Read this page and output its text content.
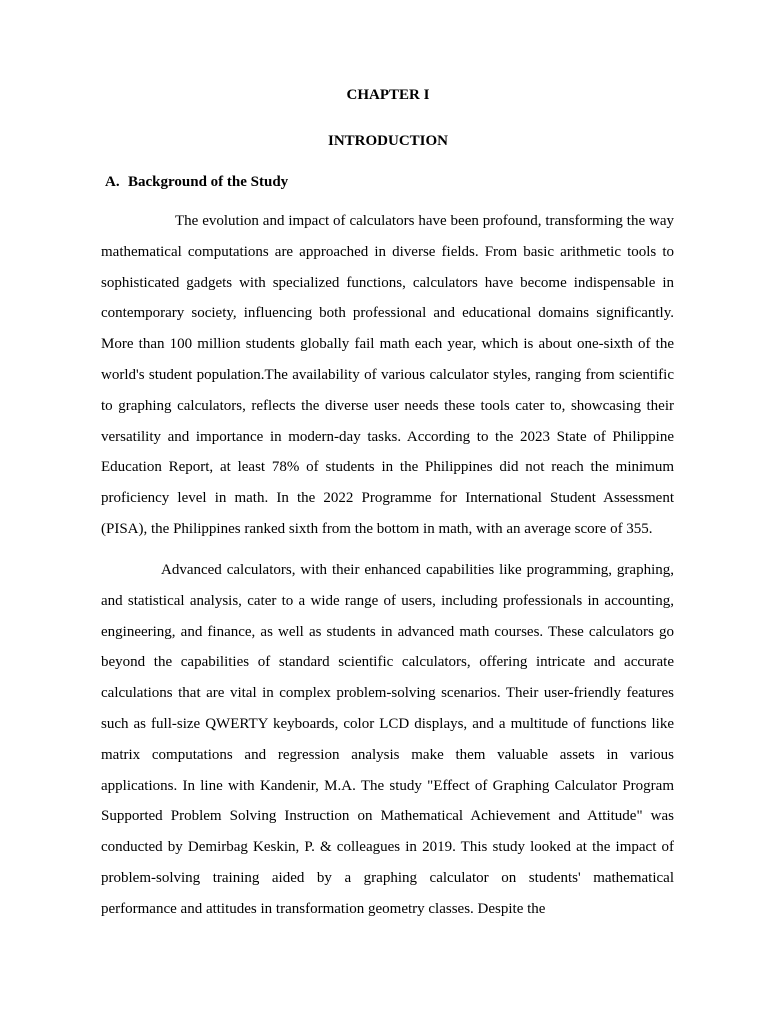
CHAPTER I
INTRODUCTION
A. Background of the Study

The evolution and impact of calculators have been profound, transforming the way mathematical computations are approached in diverse fields. From basic arithmetic tools to sophisticated gadgets with specialized functions, calculators have become indispensable in contemporary society, influencing both professional and educational domains significantly. More than 100 million students globally fail math each year, which is about one-sixth of the world's student population.The availability of various calculator styles, ranging from scientific to graphing calculators, reflects the diverse user needs these tools cater to, showcasing their versatility and importance in modern-day tasks. According to the 2023 State of Philippine Education Report, at least 78% of students in the Philippines did not reach the minimum proficiency level in math. In the 2022 Programme for International Student Assessment (PISA), the Philippines ranked sixth from the bottom in math, with an average score of 355.

Advanced calculators, with their enhanced capabilities like programming, graphing, and statistical analysis, cater to a wide range of users, including professionals in accounting, engineering, and finance, as well as students in advanced math courses. These calculators go beyond the capabilities of standard scientific calculators, offering intricate and accurate calculations that are vital in complex problem-solving scenarios. Their user-friendly features such as full-size QWERTY keyboards, color LCD displays, and a multitude of functions like matrix computations and regression analysis make them valuable assets in various applications. In line with Kandenir, M.A. The study "Effect of Graphing Calculator Program Supported Problem Solving Instruction on Mathematical Achievement and Attitude" was conducted by Demirbag Keskin, P. & colleagues in 2019. This study looked at the impact of problem-solving training aided by a graphing calculator on students' mathematical performance and attitudes in transformation geometry classes. Despite the
